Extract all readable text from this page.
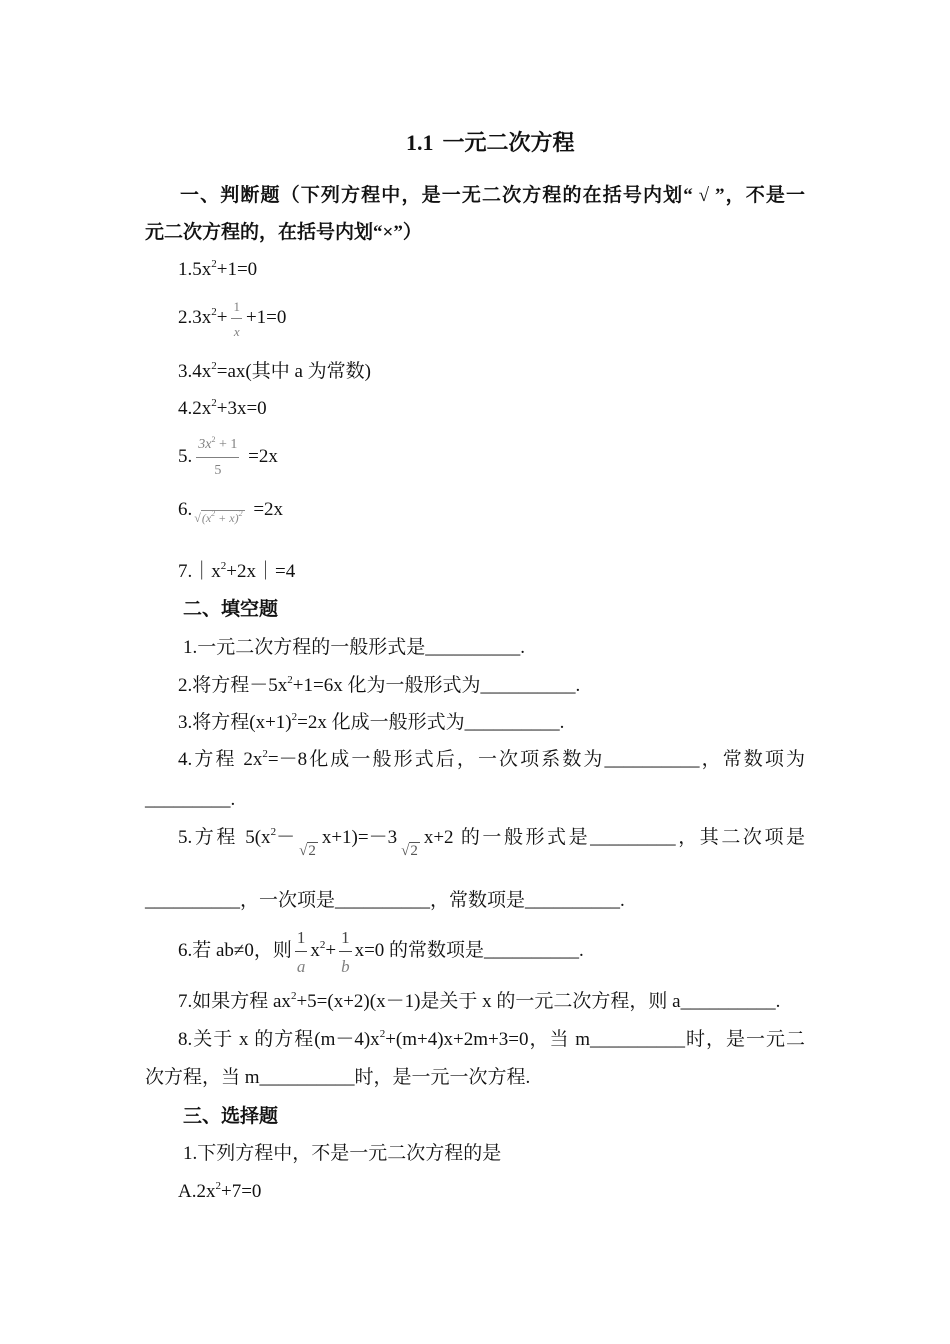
1.1 一元二次方程
一、判断题（下列方程中，是一无二次方程的在括号内划“ √ ”，不是一
元二次方程的，在括号内划“×”）
$1.5x^2+1=0$
$2.3x^2+ \frac{1}{x} +1=0$
$3.4x^2=ax$(其中 a 为常数)
$4.2x^2+3x=0$
5. $\frac{3x^2 + 1}{5} =2x$
6. $√(x^2 + x)^2 =2x$
$7.|x^2+2x|=4$
二、填空题
1.一元二次方程的一般形式是__________.
2.将方程$-5x^2+1=6x$ 化为一般形式为__________.
3.将方程$(x+1)^2=2x$ 化成一般形式为__________.
4.方程 $2x^2=-8$化成一般形式后，一次项系数为__________，常数项为
_________.
5.方程 $5(x^2-√2x+1)=-3√2x+2$ 的一般形式是_________，其二次项是
__________，一次项是__________，常数项是__________.
6.若 ab≠0，则 $\frac{1}{a} x^2+ \frac{1}{b} x=0$ 的常数项是__________.
7.如果方程 $ax^2+5=(x+2)(x-1)$是关于 x 的一元二次方程，则 a__________.
8.关于 x 的方程$(m-4)x^2+(m+4)x+2m+3=0$，当 m__________时，是一元二
次方程，当 m__________时，是一元一次方程.
三、选择题
1.下列方程中，不是一元二次方程的是
$A.2x^2+7=0$
